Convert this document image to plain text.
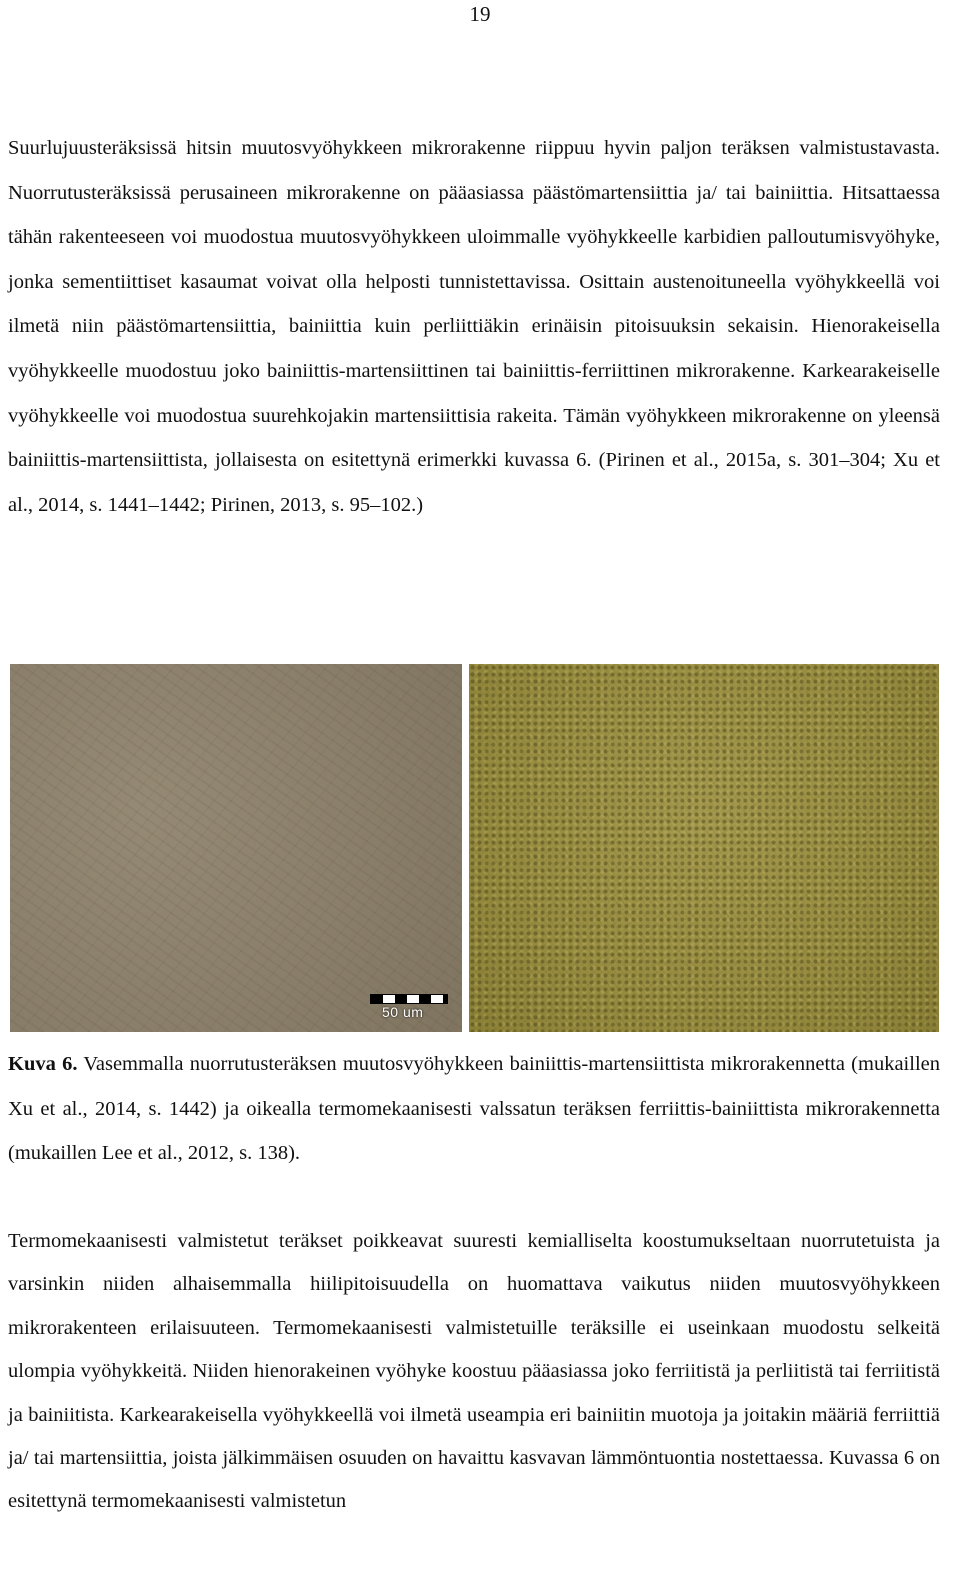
19

Suurlujuusteräksissä hitsin muutosvyöhykkeen mikrorakenne riippuu hyvin paljon teräksen valmistustavasta. Nuorrutusteräksissä perusaineen mikrorakenne on pääasiassa päästömartensiittia ja/ tai bainiittia. Hitsattaessa tähän rakenteeseen voi muodostua muutosvyöhykkeen uloimmalle vyöhykkeelle karbidien palloutumisvyöhyke, jonka sementiittiset kasaumat voivat olla helposti tunnistettavissa. Osittain austenoituneella vyöhykkeellä voi ilmetä niin päästömartensiittia, bainiittia kuin perliittiäkin erinäisin pitoisuuksin sekaisin. Hienorakeisella vyöhykkeelle muodostuu joko bainiittis-martensiittinen tai bainiittis-ferriittinen mikrorakenne. Karkearakeiselle vyöhykkeelle voi muodostua suurehkojakin martensiittisia rakeita. Tämän vyöhykkeen mikrorakenne on yleensä bainiittis-martensiittista, jollaisesta on esitettynä erimerkki kuvassa 6. (Pirinen et al., 2015a, s. 301–304; Xu et al., 2014, s. 1441–1442; Pirinen, 2013, s. 95–102.)

50 um

Kuva 6. Vasemmalla nuorrutusteräksen muutosvyöhykkeen bainiittis-martensiittista mikrorakennetta (mukaillen Xu et al., 2014, s. 1442) ja oikealla termomekaanisesti valssatun teräksen ferriittis-bainiittista mikrorakennetta (mukaillen Lee et al., 2012, s. 138).

Termomekaanisesti valmistetut teräkset poikkeavat suuresti kemialliselta koostumukseltaan nuorrutetuista ja varsinkin niiden alhaisemmalla hiilipitoisuudella on huomattava vaikutus niiden muutosvyöhykkeen mikrorakenteen erilaisuuteen. Termomekaanisesti valmistetuille teräksille ei useinkaan muodostu selkeitä ulompia vyöhykkeitä. Niiden hienorakeinen vyöhyke koostuu pääasiassa joko ferriitistä ja perliitistä tai ferriitistä ja bainiitista. Karkearakeisella vyöhykkeellä voi ilmetä useampia eri bainiitin muotoja ja joitakin määriä ferriittiä ja/ tai martensiittia, joista jälkimmäisen osuuden on havaittu kasvavan lämmöntuontia nostettaessa. Kuvassa 6 on esitettynä termomekaanisesti valmistetun
